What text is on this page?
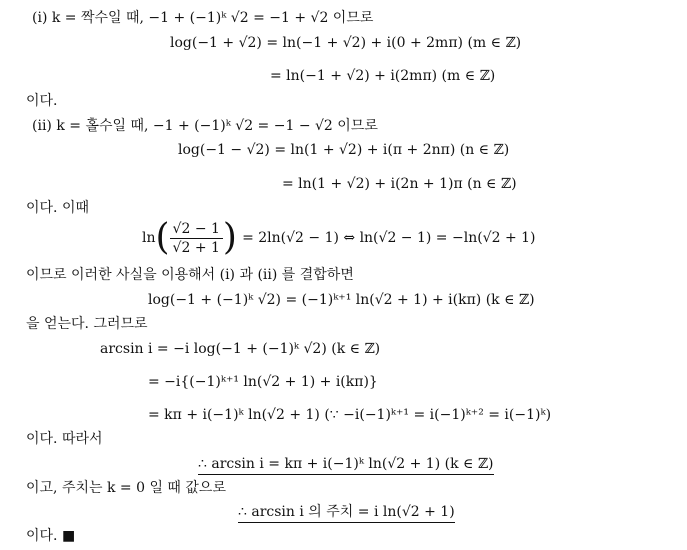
(i) k = 짝수일 때, −1 + (−1)ᵏ √2 = −1 + √2 이므로
log(−1 + √2) = ln(−1 + √2) + i(0 + 2mπ) (m ∈ ℤ)
= ln(−1 + √2) + i(2mπ) (m ∈ ℤ)
이다.
(ii) k = 홀수일 때, −1 + (−1)ᵏ √2 = −1 − √2 이므로
log(−1 − √2) = ln(1 + √2) + i(π + 2nπ) (n ∈ ℤ)
= ln(1 + √2) + i(2n + 1)π (n ∈ ℤ)
이다. 이때
$\ln( \frac{√2 - 1}{√2 + 1}$ ) = 2ln(√2 − 1) ⇔ ln(√2 − 1) = −ln(√2 + 1)
이므로 이러한 사실을 이용해서 (i) 과 (ii) 를 결합하면
log(−1 + (−1)ᵏ √2) = (−1)ᵏ⁺¹ ln(√2 + 1) + i(kπ) (k ∈ ℤ)
을 얻는다. 그러므로
arcsin i = −i log(−1 + (−1)ᵏ √2) (k ∈ ℤ)
= −i{(−1)ᵏ⁺¹ ln(√2 + 1) + i(kπ)}
= kπ + i(−1)ᵏ ln(√2 + 1) (∵ −i(−1)ᵏ⁺¹ = i(−1)ᵏ⁺² = i(−1)ᵏ)
이다. 따라서
∴ arcsin i = kπ + i(−1)ᵏ ln(√2 + 1) (k ∈ ℤ)
이고, 주치는 k = 0 일 때 값으로
∴ arcsin i 의 주치 = i ln(√2 + 1)
이다. ■
